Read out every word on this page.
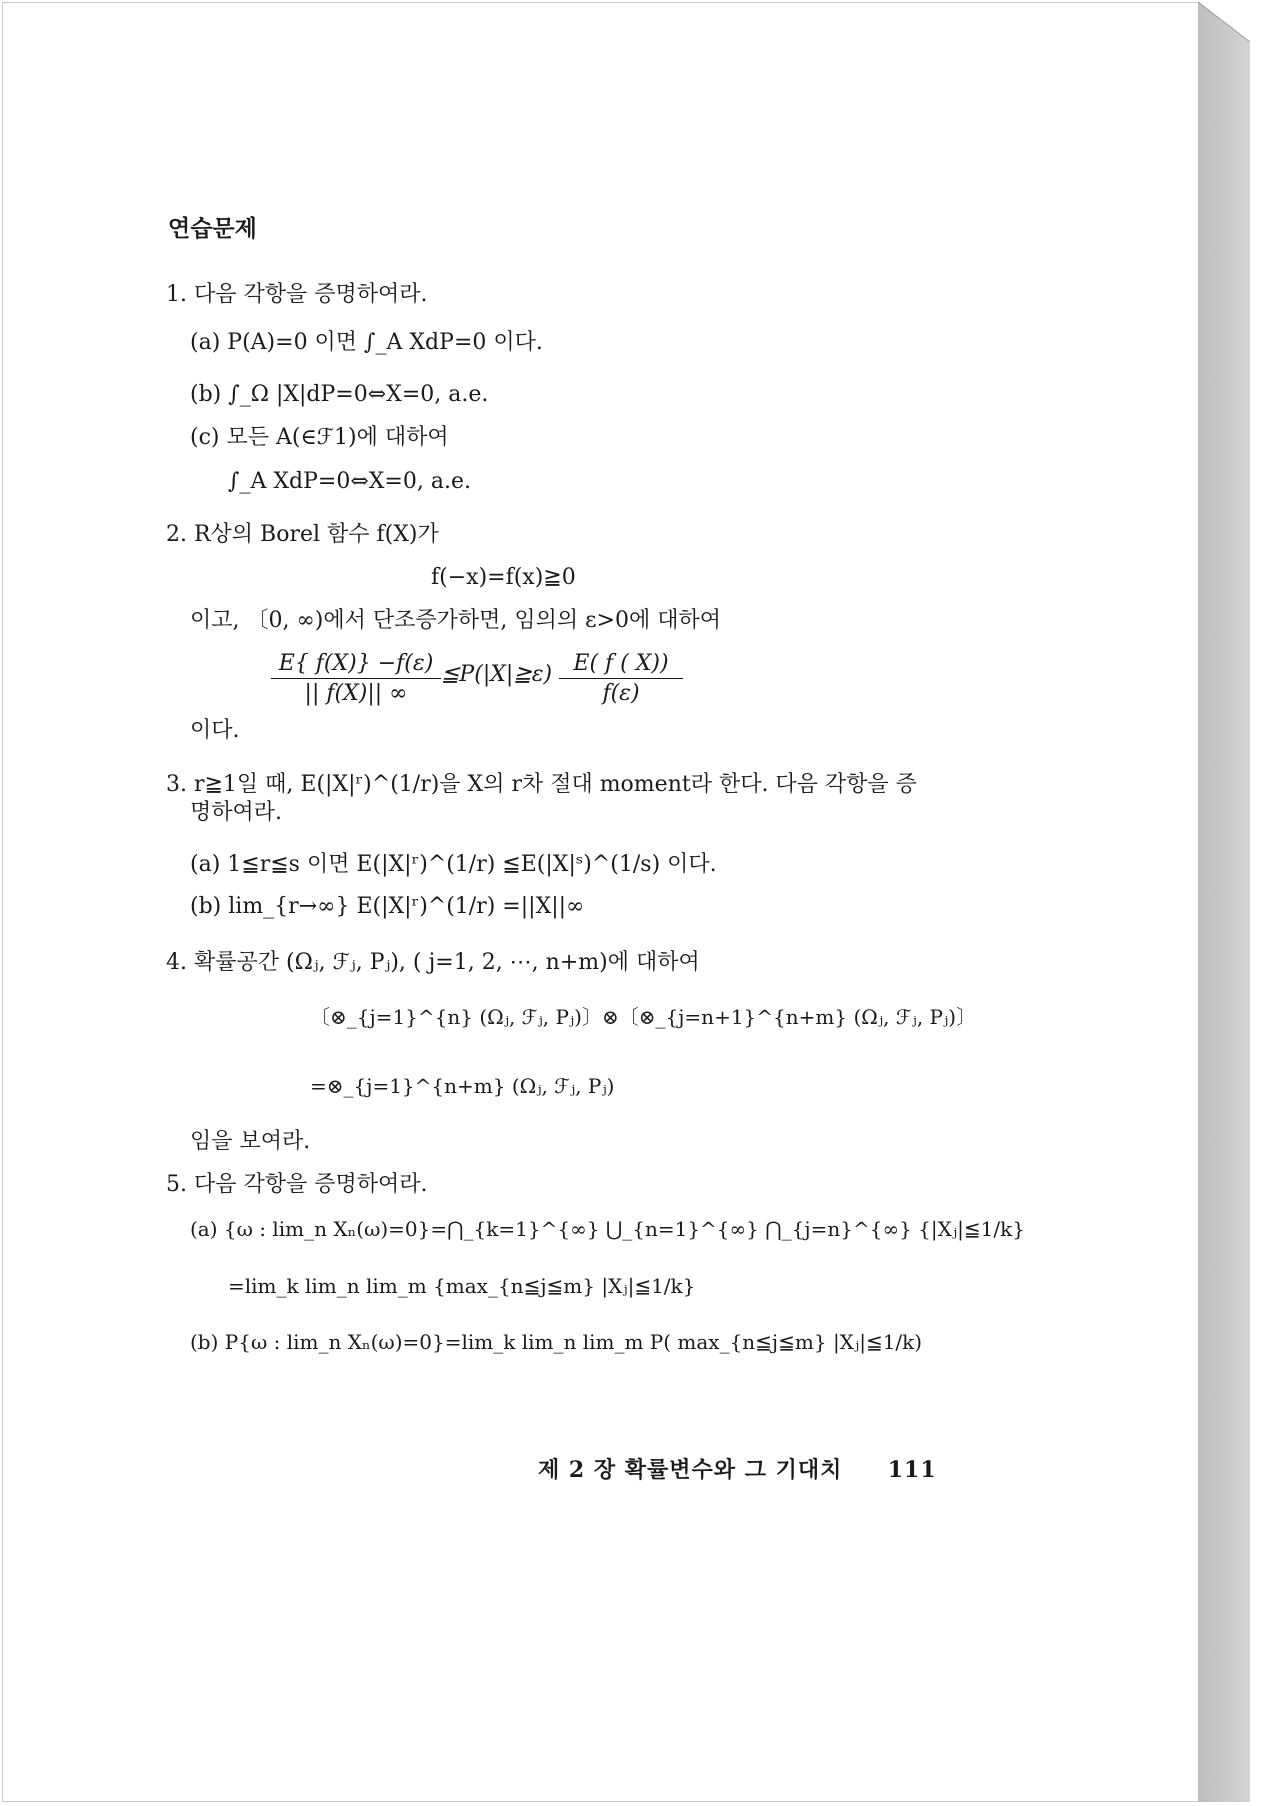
연습문제
1. 다음 각항을 증명하여라.
(a) P(A)=0 이면 ∫_A XdP=0 이다.
(b) ∫_Ω |X|dP=0⇔X=0, a.e.
(c) 모든 A(∈ℱ1)에 대하여
∫_A XdP=0⇔X=0, a.e.
2. R상의 Borel 함수 f(X)가
f(−x)=f(x)≧0
이고, 〔0, ∞)에서 단조증가하면, 임의의 ε>0에 대하여
$\frac{E\{ f(X)\} -f(\varepsilon)}{|| f(X)|| \infty}$ ≦P(|X|≧ε) $\frac{E( f ( X))}{f(\varepsilon)}$
이다.
3. r≧1일 때, E(|X|ʳ)^(1/r)을 X의 r차 절대 moment라 한다. 다음 각항을 증
명하여라.
(a) 1≦r≦s 이면 E(|X|ʳ)^(1/r) ≦E(|X|ˢ)^(1/s) 이다.
(b) lim_{r→∞} E(|X|ʳ)^(1/r) =||X||∞
4. 확률공간 (Ωⱼ, ℱⱼ, Pⱼ), ( j=1, 2, ⋯, n+m)에 대하여
〔⊗_{j=1}^{n} (Ωⱼ, ℱⱼ, Pⱼ)〕⊗〔⊗_{j=n+1}^{n+m} (Ωⱼ, ℱⱼ, Pⱼ)〕
=⊗_{j=1}^{n+m} (Ωⱼ, ℱⱼ, Pⱼ)
임을 보여라.
5. 다음 각항을 증명하여라.
(a) {ω : lim_n Xₙ(ω)=0}=⋂_{k=1}^{∞} ⋃_{n=1}^{∞} ⋂_{j=n}^{∞} {|Xⱼ|≦1/k}
=lim_k lim_n lim_m {max_{n≦j≦m} |Xⱼ|≦1/k}
(b) P{ω : lim_n Xₙ(ω)=0}=lim_k lim_n lim_m P( max_{n≦j≦m} |Xⱼ|≦1/k)
제 2 장 확률변수와 그 기대치 111
